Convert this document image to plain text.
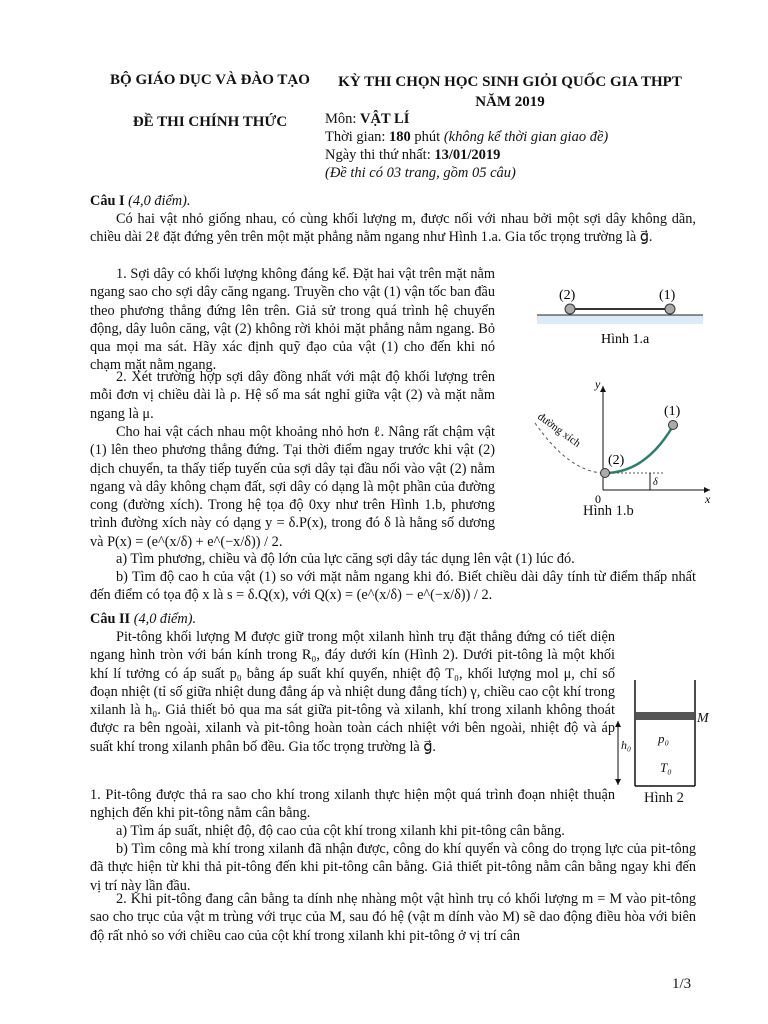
BỘ GIÁO DỤC VÀ ĐÀO TẠO
ĐỀ THI CHÍNH THỨC
KỲ THI CHỌN HỌC SINH GIỎI QUỐC GIA THPT
NĂM 2019
Môn: VẬT LÍ
Thời gian: 180 phút (không kể thời gian giao đề)
Ngày thi thứ nhất: 13/01/2019
(Đề thi có 03 trang, gồm 05 câu)
Câu I (4,0 điểm).

Có hai vật nhỏ giống nhau, có cùng khối lượng m, được nối với nhau bởi một sợi dây không dãn, chiều dài 2ℓ đặt đứng yên trên một mặt phẳng nằm ngang như Hình 1.a. Gia tốc trọng trường là g⃗.

1. Sợi dây có khối lượng không đáng kể. Đặt hai vật trên mặt nằm ngang sao cho sợi dây căng ngang. Truyền cho vật (1) vận tốc ban đầu theo phương thẳng đứng lên trên. Giả sử trong quá trình hệ chuyển động, dây luôn căng, vật (2) không rời khỏi mặt phẳng nằm ngang. Bỏ qua mọi ma sát. Hãy xác định quỹ đạo của vật (1) cho đến khi nó chạm mặt nằm ngang.

2. Xét trường hợp sợi dây đồng nhất với mật độ khối lượng trên mỗi đơn vị chiều dài là ρ. Hệ số ma sát nghỉ giữa vật (2) và mặt nằm ngang là μ.

Cho hai vật cách nhau một khoảng nhỏ hơn ℓ. Nâng rất chậm vật (1) lên theo phương thẳng đứng. Tại thời điểm ngay trước khi vật (2) dịch chuyển, ta thấy tiếp tuyến của sợi dây tại đầu nối vào vật (2) nằm ngang và dây không chạm đất, sợi dây có dạng là một phần của đường cong (đường xích). Trong hệ tọa độ 0xy như trên Hình 1.b, phương trình đường xích này có dạng y = δ.P(x), trong đó δ là hằng số dương và P(x) = (e^(x/δ) + e^(−x/δ)) / 2.

a) Tìm phương, chiều và độ lớn của lực căng sợi dây tác dụng lên vật (1) lúc đó.

b) Tìm độ cao h của vật (1) so với mặt nằm ngang khi đó. Biết chiều dài dây tính từ điểm thấp nhất đến điểm có tọa độ x là s = δ.Q(x), với Q(x) = (e^(x/δ) − e^(−x/δ)) / 2.

(2)	(1)
Hình 1.a
y
x
0
(1)
(2)
δ
đường xích
Hình 1.b
Câu II (4,0 điểm).

Pit-tông khối lượng M được giữ trong một xilanh hình trụ đặt thẳng đứng có tiết diện ngang hình tròn với bán kính trong R₀, đáy dưới kín (Hình 2). Dưới pit-tông là một khối khí lí tưởng có áp suất p₀ bằng áp suất khí quyển, nhiệt độ T₀, khối lượng mol μ, chỉ số đoạn nhiệt (tỉ số giữa nhiệt dung đẳng áp và nhiệt dung đẳng tích) γ, chiều cao cột khí trong xilanh là h₀. Giả thiết bỏ qua ma sát giữa pit-tông và xilanh, khí trong xilanh không thoát được ra bên ngoài, xilanh và pit-tông hoàn toàn cách nhiệt với bên ngoài, nhiệt độ và áp suất khí trong xilanh phân bố đều. Gia tốc trọng trường là g⃗.

1. Pit-tông được thả ra sao cho khí trong xilanh thực hiện một quá trình đoạn nhiệt thuận nghịch đến khi pit-tông nằm cân bằng.

a) Tìm áp suất, nhiệt độ, độ cao của cột khí trong xilanh khi pit-tông cân bằng.

b) Tìm công mà khí trong xilanh đã nhận được, công do khí quyển và công do trọng lực của pit-tông đã thực hiện từ khi thả pit-tông đến khi pit-tông cân bằng. Giả thiết pit-tông nằm cân bằng ngay khi đến vị trí này lần đầu.

2. Khi pit-tông đang cân bằng ta dính nhẹ nhàng một vật hình trụ có khối lượng m = M vào pit-tông sao cho trục của vật m trùng với trục của M, sau đó hệ (vật m dính vào M) sẽ dao động điều hòa với biên độ rất nhỏ so với chiều cao của cột khí trong xilanh khi pit-tông ở vị trí cân

M
p₀
T₀
h₀
Hình 2
1/3
